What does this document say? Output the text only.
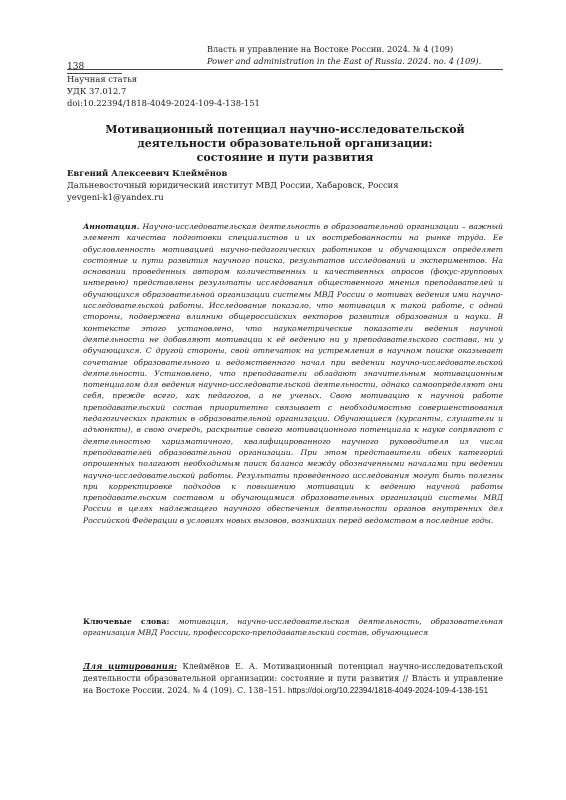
138
Власть и управление на Востоке России. 2024. № 4 (109)
Power and administration in the East of Russia. 2024. no. 4 (109).
Научная статья
УДК 37.012.7
doi:10.22394/1818-4049-2024-109-4-138-151
Мотивационный потенциал научно-исследовательской
деятельности образовательной организации:
состояние и пути развития
Евгений Алексеевич Клеймёнов
Дальневосточный юридический институт МВД России, Хабаровск, Россия
yevgeni-k1@yandex.ru
Аннотация. Научно-исследовательская деятельность в образовательной организации – важный элемент качества подготовки специалистов и их востребованности на рынке труда. Ее обусловленность мотивацией научно-педагогических работников и обучающихся определяет состояние и пути развития научного поиска, результатов исследований и экспериментов. На основании проведенных автором количественных и качественных опросов (фокус-групповых интервью) представлены результаты исследования общественного мнения преподавателей и обучающихся образовательной организации системы МВД России о мотивах ведения ими научно-исследовательской работы. Исследование показало, что мотивация к такой работе, с одной стороны, подвержена влиянию общероссийских векторов развития образования и науки. В контексте этого установлено, что наукометрические показатели ведения научной деятельности не добавляют мотивации к её ведению ни у преподавательского состава, ни у обучающихся. С другой стороны, свой отпечаток на устремления в научном поиске оказывает сочетание образовательного и ведомственного начал при ведении научно-исследовательской деятельности. Установлено, что преподаватели обладают значительным мотивационным потенциалом для ведения научно-исследовательской деятельности, однако самоопределяют они себя, прежде всего, как педагогов, а не ученых. Свою мотивацию к научной работе преподавательский состав приоритетно связывает с необходимостью совершенствования педагогических практик в образовательной организации. Обучающиеся (курсанты, слушатели и адъюнкты), в свою очередь, раскрытие своего мотивационного потенциала к науке сопрягают с деятельностью харизматичного, квалифицированного научного руководителя из числа преподавателей образовательной организации. При этом представители обеих категорий опрошенных полагают необходимым поиск баланса между обозначенными началами при ведении научно-исследовательской работы. Результаты проведенного исследования могут быть полезны при корректировке подходов к повышению мотивации к ведению научной работы преподавательским составом и обучающимися образовательных организаций системы МВД России в целях надлежащего научного обеспечения деятельности органов внутренних дел Российской Федерации в условиях новых вызовов, возникших перед ведомством в последние годы.
Ключевые слова: мотивация, научно-исследовательская деятельность, образовательная организация МВД России, профессорско-преподавательский состав, обучающиеся
Для цитирования: Клеймёнов Е. А. Мотивационный потенциал научно-исследовательской деятельности образовательной организации: состояние и пути развития // Власть и управление на Востоке России. 2024. № 4 (109). С. 138–151. https://doi.org/10.22394/1818-4049-2024-109-4-138-151
